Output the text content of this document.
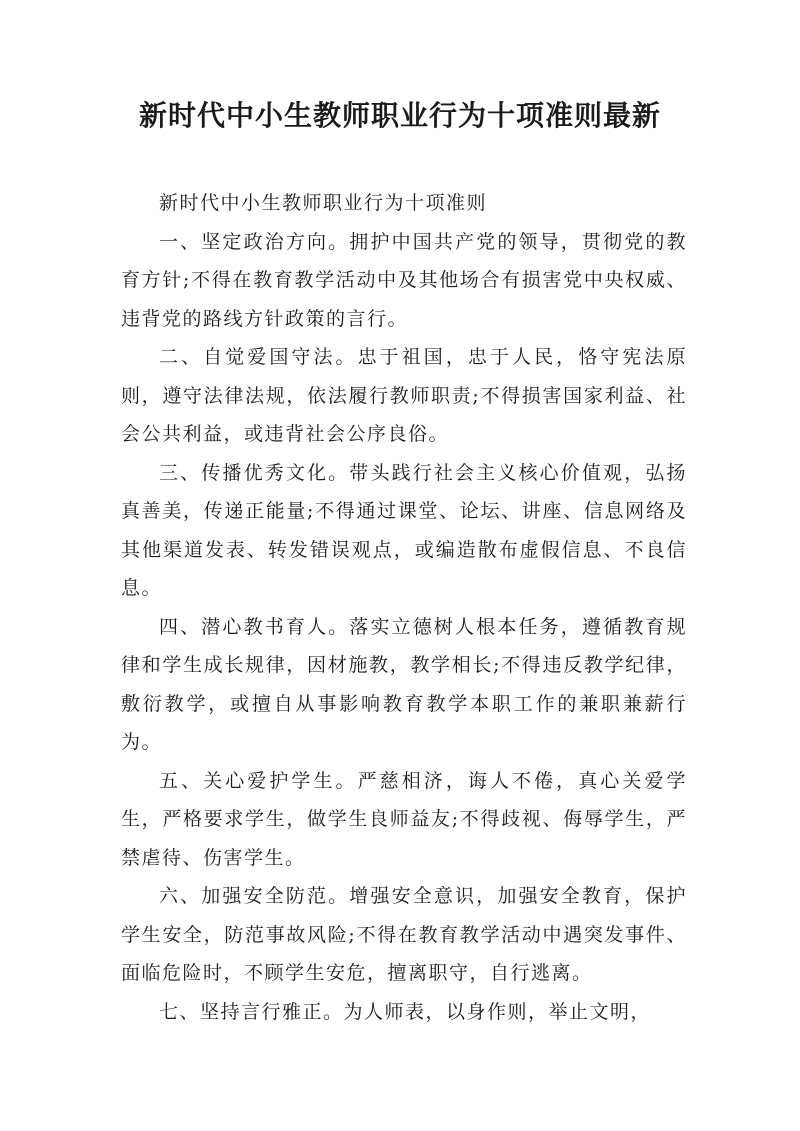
新时代中小生教师职业行为十项准则最新

新时代中小生教师职业行为十项准则

一、坚定政治方向。拥护中国共产党的领导，贯彻党的教育方针;不得在教育教学活动中及其他场合有损害党中央权威、违背党的路线方针政策的言行。

二、自觉爱国守法。忠于祖国，忠于人民，恪守宪法原则，遵守法律法规，依法履行教师职责;不得损害国家利益、社会公共利益，或违背社会公序良俗。

三、传播优秀文化。带头践行社会主义核心价值观，弘扬真善美，传递正能量;不得通过课堂、论坛、讲座、信息网络及其他渠道发表、转发错误观点，或编造散布虚假信息、不良信息。

四、潜心教书育人。落实立德树人根本任务，遵循教育规律和学生成长规律，因材施教，教学相长;不得违反教学纪律，敷衍教学，或擅自从事影响教育教学本职工作的兼职兼薪行为。

五、关心爱护学生。严慈相济，诲人不倦，真心关爱学生，严格要求学生，做学生良师益友;不得歧视、侮辱学生，严禁虐待、伤害学生。

六、加强安全防范。增强安全意识，加强安全教育，保护学生安全，防范事故风险;不得在教育教学活动中遇突发事件、面临危险时，不顾学生安危，擅离职守，自行逃离。

七、坚持言行雅正。为人师表，以身作则，举止文明，
